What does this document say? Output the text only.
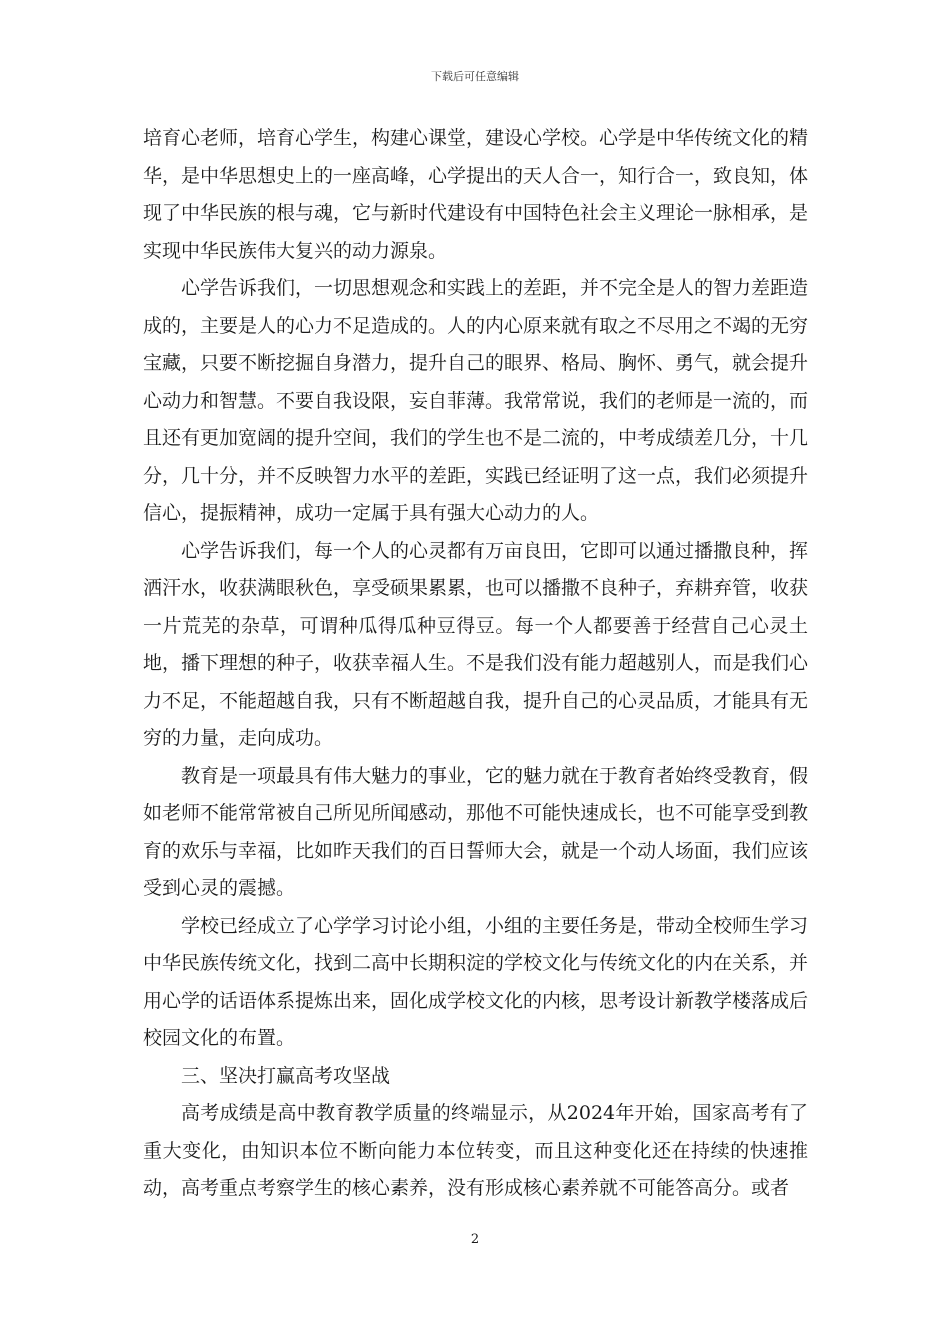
下载后可任意编辑

培育心老师，培育心学生，构建心课堂，建设心学校。心学是中华传统文化的精华，是中华思想史上的一座高峰，心学提出的天人合一，知行合一，致良知，体现了中华民族的根与魂，它与新时代建设有中国特色社会主义理论一脉相承，是实现中华民族伟大复兴的动力源泉。

心学告诉我们，一切思想观念和实践上的差距，并不完全是人的智力差距造成的，主要是人的心力不足造成的。人的内心原来就有取之不尽用之不竭的无穷宝藏，只要不断挖掘自身潜力，提升自己的眼界、格局、胸怀、勇气，就会提升心动力和智慧。不要自我设限，妄自菲薄。我常常说，我们的老师是一流的，而且还有更加宽阔的提升空间，我们的学生也不是二流的，中考成绩差几分，十几分，几十分，并不反映智力水平的差距，实践已经证明了这一点，我们必须提升信心，提振精神，成功一定属于具有强大心动力的人。

心学告诉我们，每一个人的心灵都有万亩良田，它即可以通过播撒良种，挥洒汗水，收获满眼秋色，享受硕果累累，也可以播撒不良种子，弃耕弃管，收获一片荒芜的杂草，可谓种瓜得瓜种豆得豆。每一个人都要善于经营自己心灵土地，播下理想的种子，收获幸福人生。不是我们没有能力超越别人，而是我们心力不足，不能超越自我，只有不断超越自我，提升自己的心灵品质，才能具有无穷的力量，走向成功。

教育是一项最具有伟大魅力的事业，它的魅力就在于教育者始终受教育，假如老师不能常常被自己所见所闻感动，那他不可能快速成长，也不可能享受到教育的欢乐与幸福，比如昨天我们的百日誓师大会，就是一个动人场面，我们应该受到心灵的震撼。

学校已经成立了心学学习讨论小组，小组的主要任务是，带动全校师生学习中华民族传统文化，找到二高中长期积淀的学校文化与传统文化的内在关系，并用心学的话语体系提炼出来，固化成学校文化的内核，思考设计新教学楼落成后校园文化的布置。

三、坚决打赢高考攻坚战

高考成绩是高中教育教学质量的终端显示，从2024年开始，国家高考有了重大变化，由知识本位不断向能力本位转变，而且这种变化还在持续的快速推动，高考重点考察学生的核心素养，没有形成核心素养就不可能答高分。或者

2
